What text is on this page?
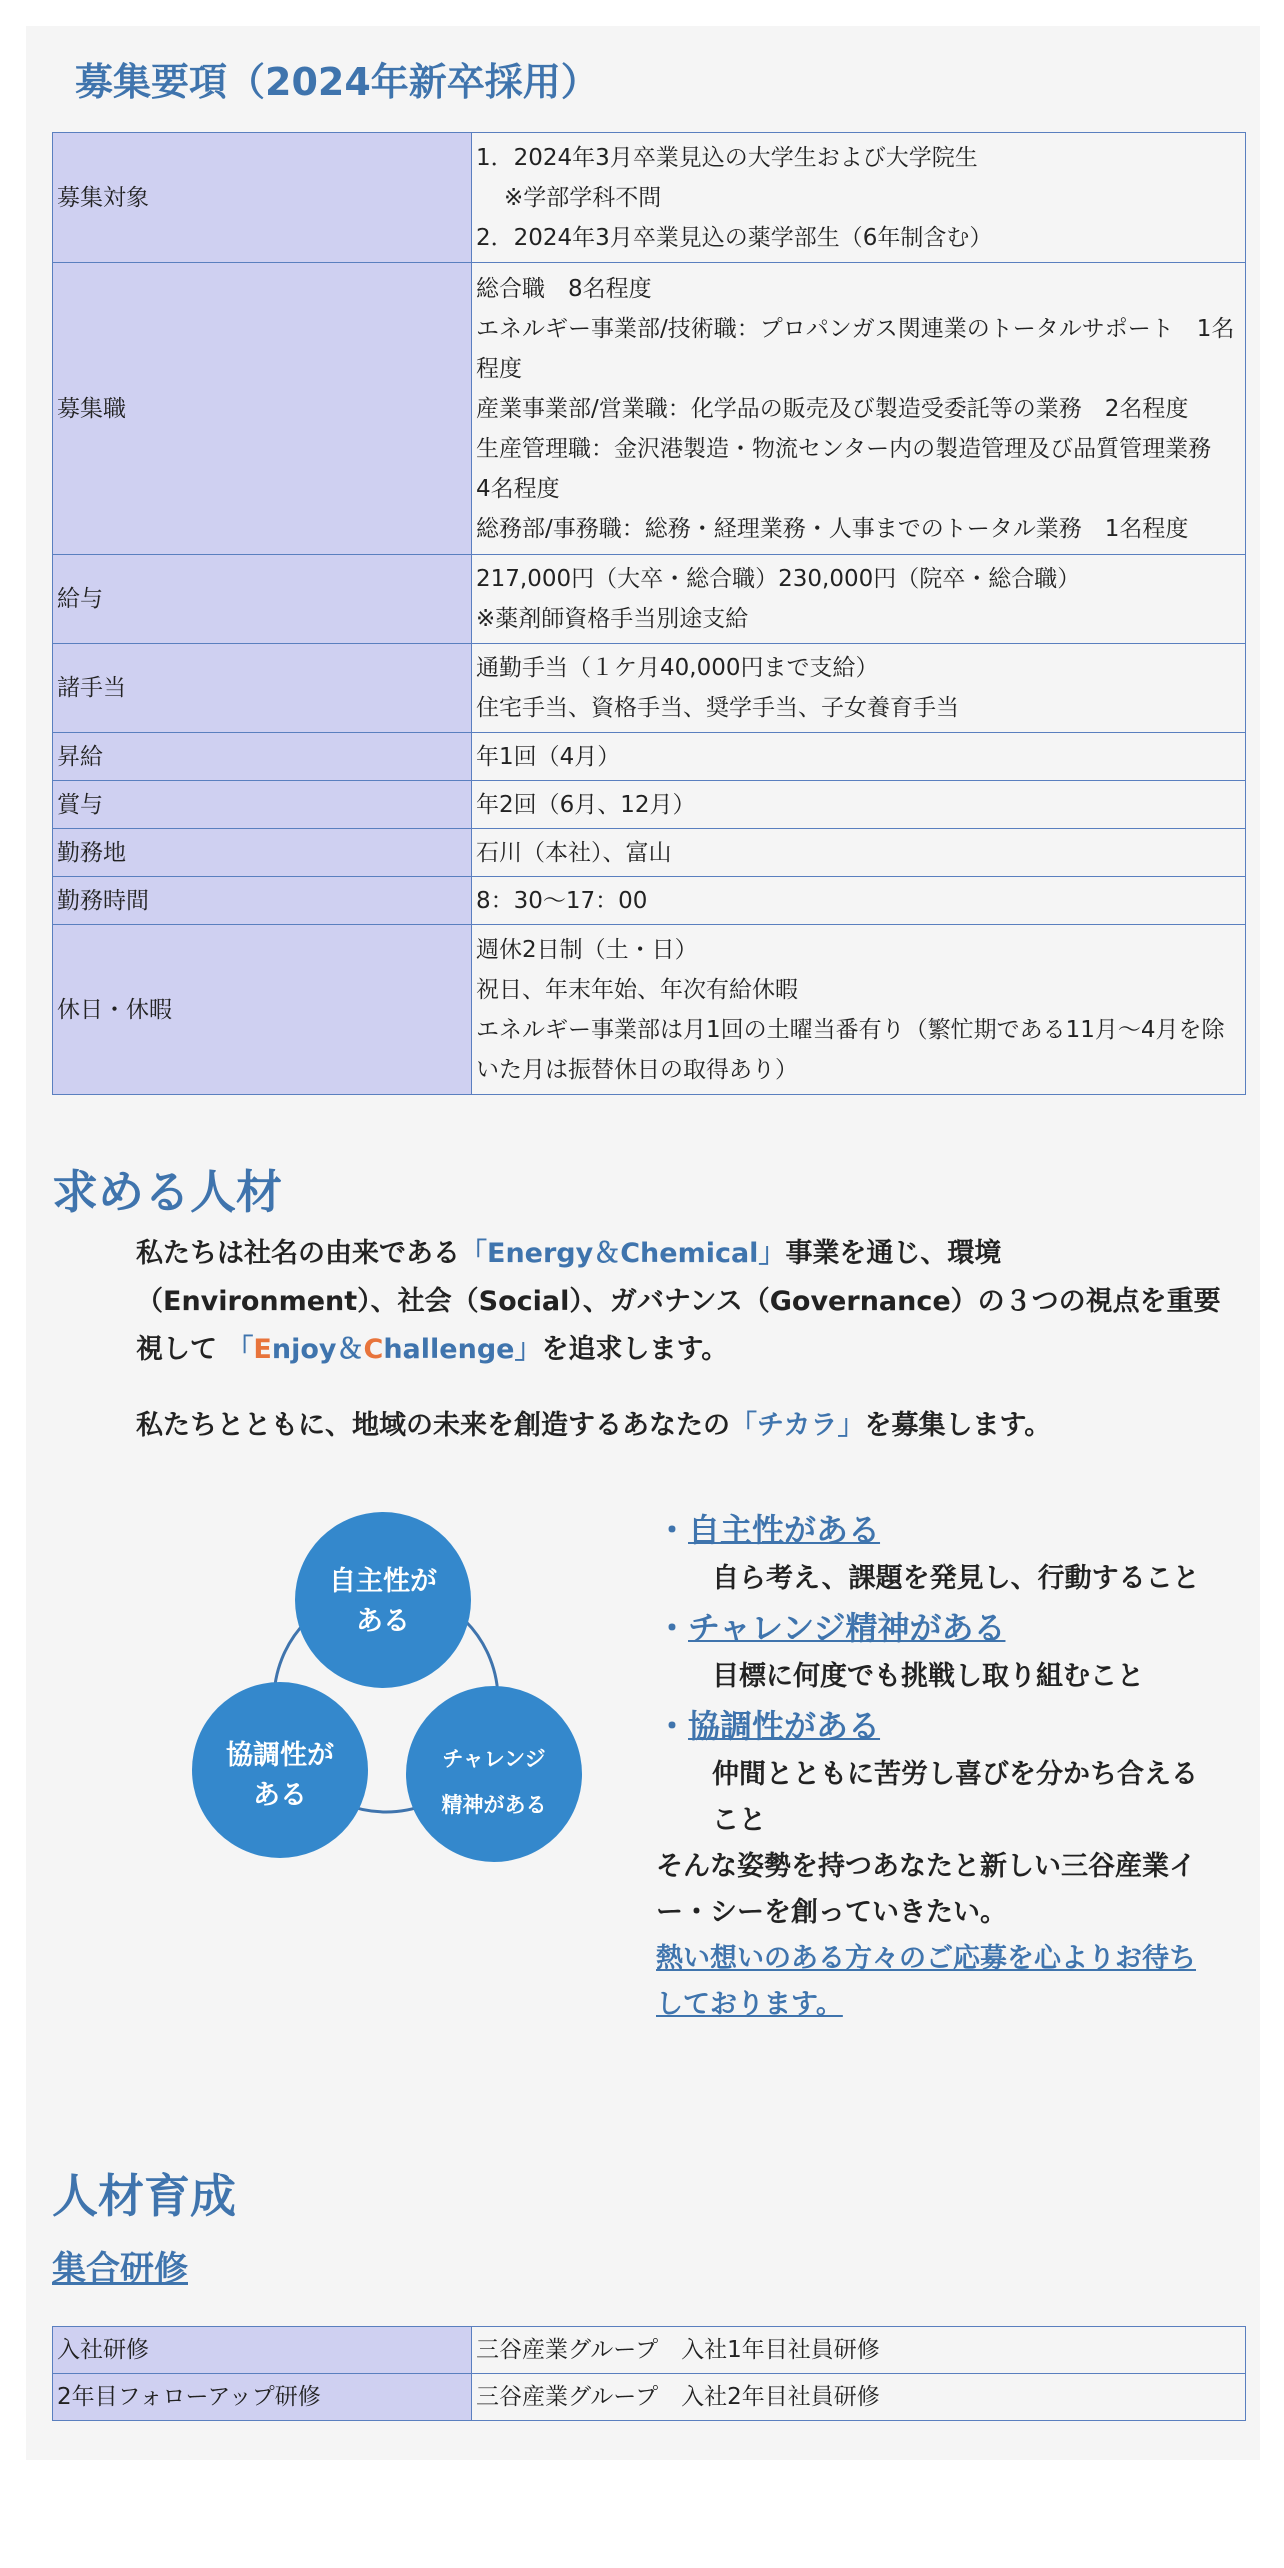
募集要項（2024年新卒採用）
募集対象	1．2024年3月卒業見込の大学生および大学院生
※学部学科不問
2．2024年3月卒業見込の薬学部生（6年制含む）

募集職	総合職　8名程度
エネルギー事業部/技術職：プロパンガス関連業のトータルサポート　1名程度
産業事業部/営業職：化学品の販売及び製造受委託等の業務　2名程度
生産管理職：金沢港製造・物流センター内の製造管理及び品質管理業務　4名程度
総務部/事務職：総務・経理業務・人事までのトータル業務　1名程度

給与	217,000円（大卒・総合職）230,000円（院卒・総合職）
※薬剤師資格手当別途支給

諸手当	通勤手当（１ケ月40,000円まで支給）
住宅手当、資格手当、奨学手当、子女養育手当

昇給	年1回（4月）
賞与	年2回（6月、12月）
勤務地	石川（本社）、富山
勤務時間	8：30～17：00
休日・休暇	週休2日制（土・日）
祝日、年末年始、年次有給休暇
エネルギー事業部は月1回の土曜当番有り（繁忙期である11月～4月を除いた月は振替休日の取得あり）
求める人材

私たちは社名の由来である「Energy＆Chemical」事業を通じ、環境（Environment）、社会（Social）、ガバナンス（Governance）の３つの視点を重要視して 「Enjoy＆Challenge」を追求します。

私たちとともに、地域の未来を創造するあなたの「チカラ」を募集します。

自主性が
ある
協調性が
ある
チャレンジ
精神がある
・自主性がある
自ら考え、課題を発見し、行動すること
・チャレンジ精神がある
目標に何度でも挑戦し取り組むこと
・協調性がある
仲間とともに苦労し喜びを分かち合えること
そんな姿勢を持つあなたと新しい三谷産業イー・シーを創っていきたい。
熱い想いのある方々のご応募を心よりお待ちしております。
人材育成
集合研修
入社研修	三谷産業グループ　入社1年目社員研修
2年目フォローアップ研修	三谷産業グループ　入社2年目社員研修
